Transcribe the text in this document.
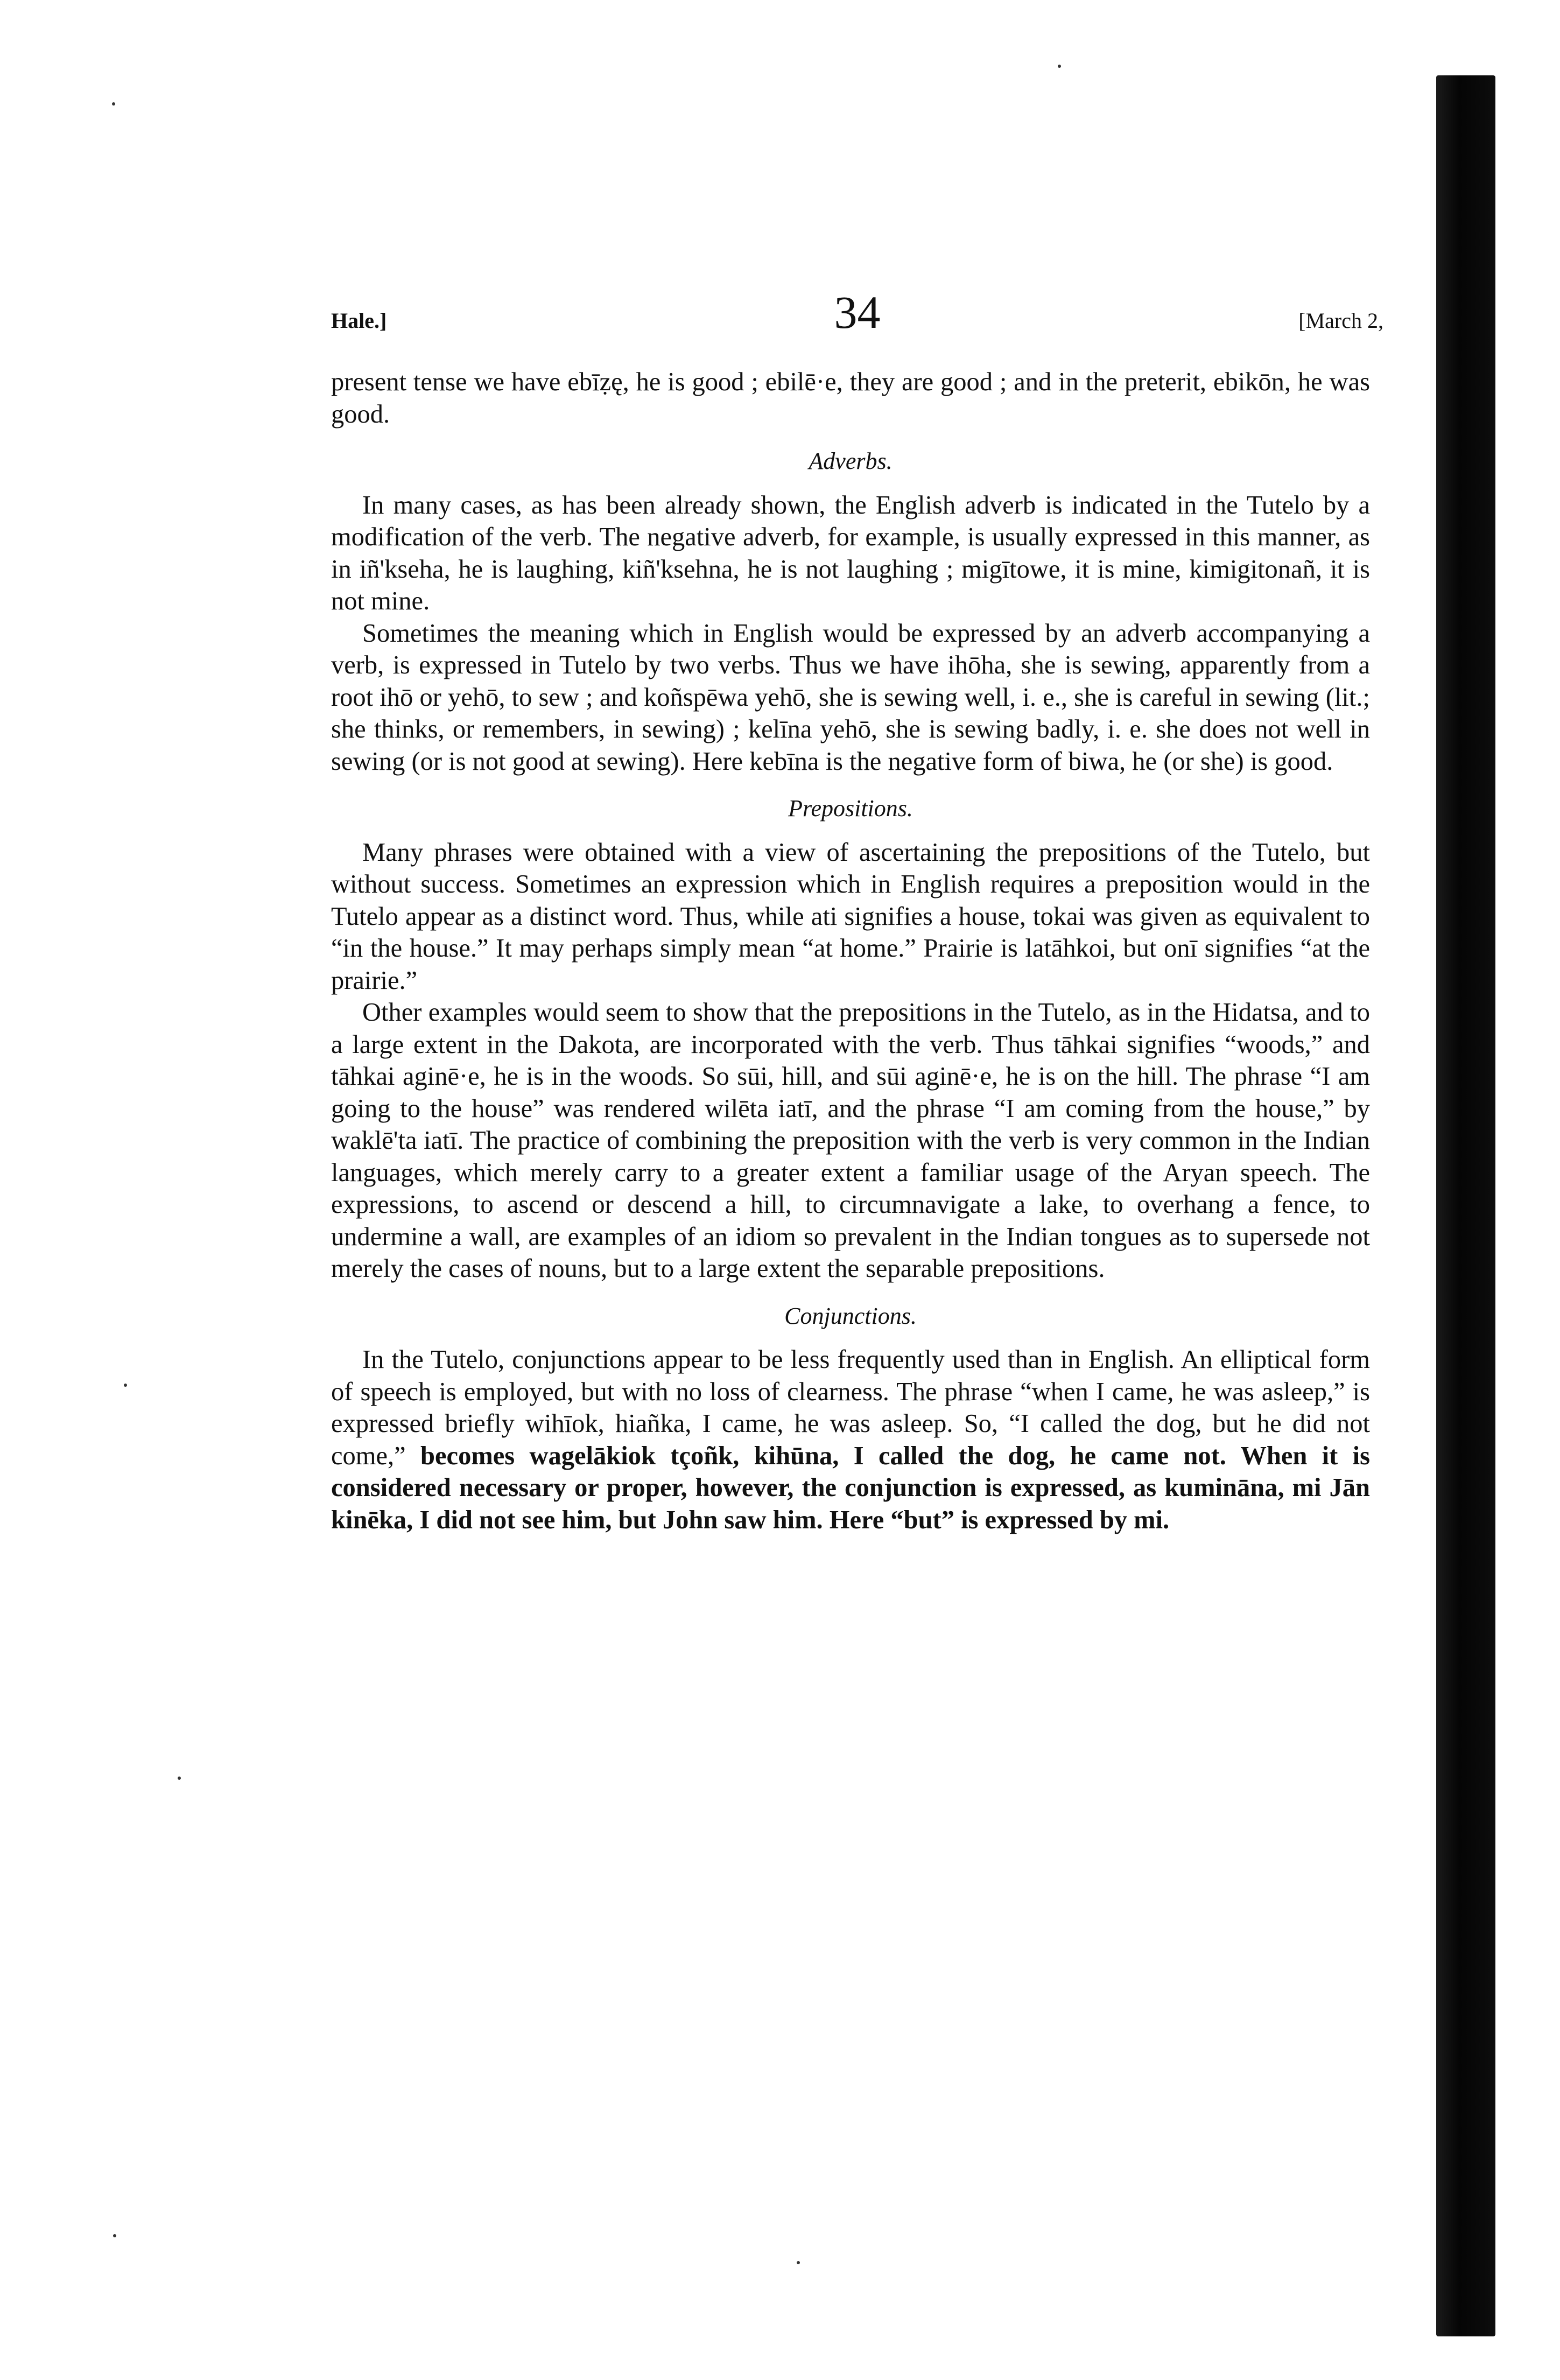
Hale.]	34	[March 2,

present tense we have ebīẓę, he is good ; ebilē·e, they are good ; and in the preterit, ebikōn, he was good.

Adverbs.

In many cases, as has been already shown, the English adverb is indicated in the Tutelo by a modification of the verb. The negative adverb, for example, is usually expressed in this manner, as in iñ'kseha, he is laughing, kiñ'ksehna, he is not laughing ; migītowe, it is mine, kimigitonañ, it is not mine.

Sometimes the meaning which in English would be expressed by an adverb accompanying a verb, is expressed in Tutelo by two verbs. Thus we have ihōha, she is sewing, apparently from a root ihō or yehō, to sew ; and koñspēwa yehō, she is sewing well, i. e., she is careful in sewing (lit.; she thinks, or remembers, in sewing) ; kelīna yehō, she is sewing badly, i. e. she does not well in sewing (or is not good at sewing). Here kebīna is the negative form of biwa, he (or she) is good.

Prepositions.

Many phrases were obtained with a view of ascertaining the prepositions of the Tutelo, but without success. Sometimes an expression which in English requires a preposition would in the Tutelo appear as a distinct word. Thus, while ati signifies a house, tokai was given as equivalent to “in the house.” It may perhaps simply mean “at home.” Prairie is latāhkoi, but onī signifies “at the prairie.”

Other examples would seem to show that the prepositions in the Tutelo, as in the Hidatsa, and to a large extent in the Dakota, are incorporated with the verb. Thus tāhkai signifies “woods,” and tāhkai aginē·e, he is in the woods. So sūi, hill, and sūi aginē·e, he is on the hill. The phrase “I am going to the house” was rendered wilēta iatī, and the phrase “I am coming from the house,” by waklē'ta iatī. The practice of combining the preposition with the verb is very common in the Indian languages, which merely carry to a greater extent a familiar usage of the Aryan speech. The expressions, to ascend or descend a hill, to circumnavigate a lake, to overhang a fence, to undermine a wall, are examples of an idiom so prevalent in the Indian tongues as to supersede not merely the cases of nouns, but to a large extent the separable prepositions.

Conjunctions.

In the Tutelo, conjunctions appear to be less frequently used than in English. An elliptical form of speech is employed, but with no loss of clearness. The phrase “when I came, he was asleep,” is expressed briefly wihīok, hiañka, I came, he was asleep. So, “I called the dog, but he did not come,” becomes wagelākiok tçoñk, kihūna, I called the dog, he came not. When it is considered necessary or proper, however, the conjunction is expressed, as kumināna, mi Jān kinēka, I did not see him, but John saw him. Here “but” is expressed by mi.
